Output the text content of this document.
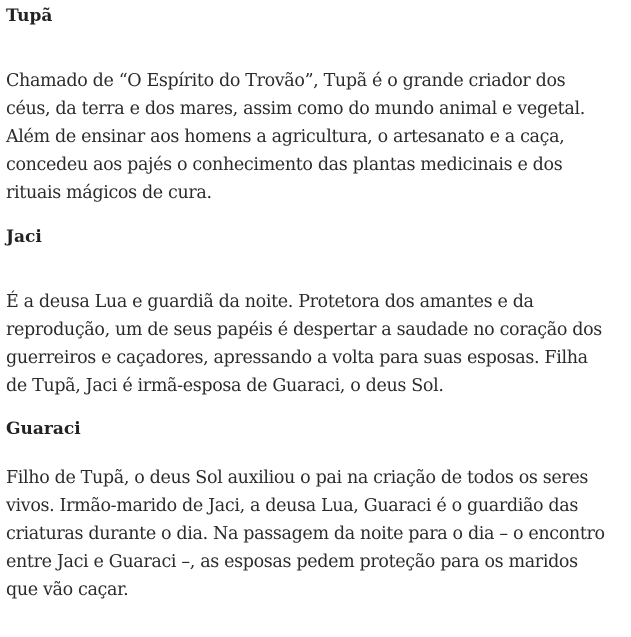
Tupã

Chamado de “O Espírito do Trovão”, Tupã é o grande criador dos
céus, da terra e dos mares, assim como do mundo animal e vegetal.
Além de ensinar aos homens a agricultura, o artesanato e a caça,
concedeu aos pajés o conhecimento das plantas medicinais e dos
rituais mágicos de cura.

Jaci

É a deusa Lua e guardiã da noite. Protetora dos amantes e da
reprodução, um de seus papéis é despertar a saudade no coração dos
guerreiros e caçadores, apressando a volta para suas esposas. Filha
de Tupã, Jaci é irmã-esposa de Guaraci, o deus Sol.

Guaraci

Filho de Tupã, o deus Sol auxiliou o pai na criação de todos os seres
vivos. Irmão-marido de Jaci, a deusa Lua, Guaraci é o guardião das
criaturas durante o dia. Na passagem da noite para o dia – o encontro
entre Jaci e Guaraci –, as esposas pedem proteção para os maridos
que vão caçar.
